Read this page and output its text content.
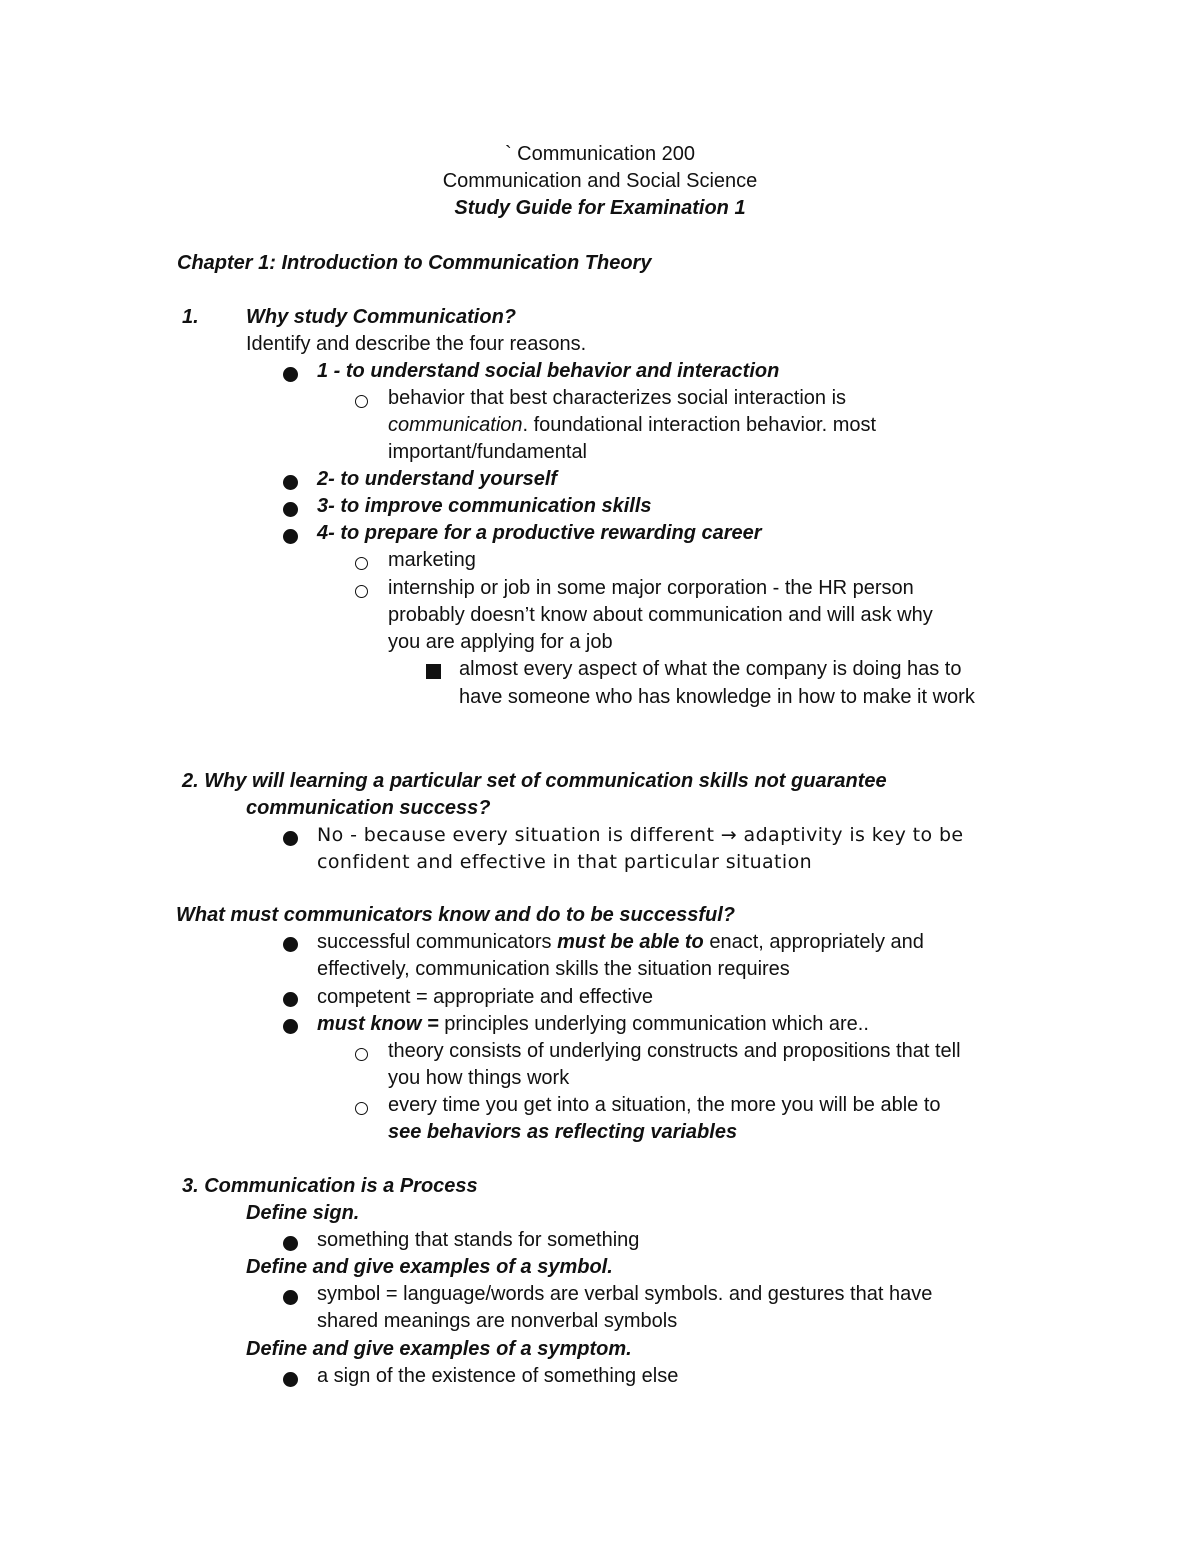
` Communication 200
Communication and Social Science
Study Guide for Examination 1
Chapter 1: Introduction to Communication Theory
1. Why study Communication?
Identify and describe the four reasons.
1 - to understand social behavior and interaction
behavior that best characterizes social interaction is
communication. foundational interaction behavior. most
important/fundamental
2- to understand yourself
3- to improve communication skills
4- to prepare for a productive rewarding career
marketing
internship or job in some major corporation - the HR person
probably doesn’t know about communication and will ask why
you are applying for a job
almost every aspect of what the company is doing has to
have someone who has knowledge in how to make it work
2. Why will learning a particular set of communication skills not guarantee
communication success?
No - because every situation is different → adaptivity is key to be
confident and effective in that particular situation
What must communicators know and do to be successful?
successful communicators must be able to enact, appropriately and
effectively, communication skills the situation requires
competent = appropriate and effective
must know = principles underlying communication which are..
theory consists of underlying constructs and propositions that tell
you how things work
every time you get into a situation, the more you will be able to
see behaviors as reflecting variables
3. Communication is a Process
Define sign.
something that stands for something
Define and give examples of a symbol.
symbol = language/words are verbal symbols. and gestures that have
shared meanings are nonverbal symbols
Define and give examples of a symptom.
a sign of the existence of something else
